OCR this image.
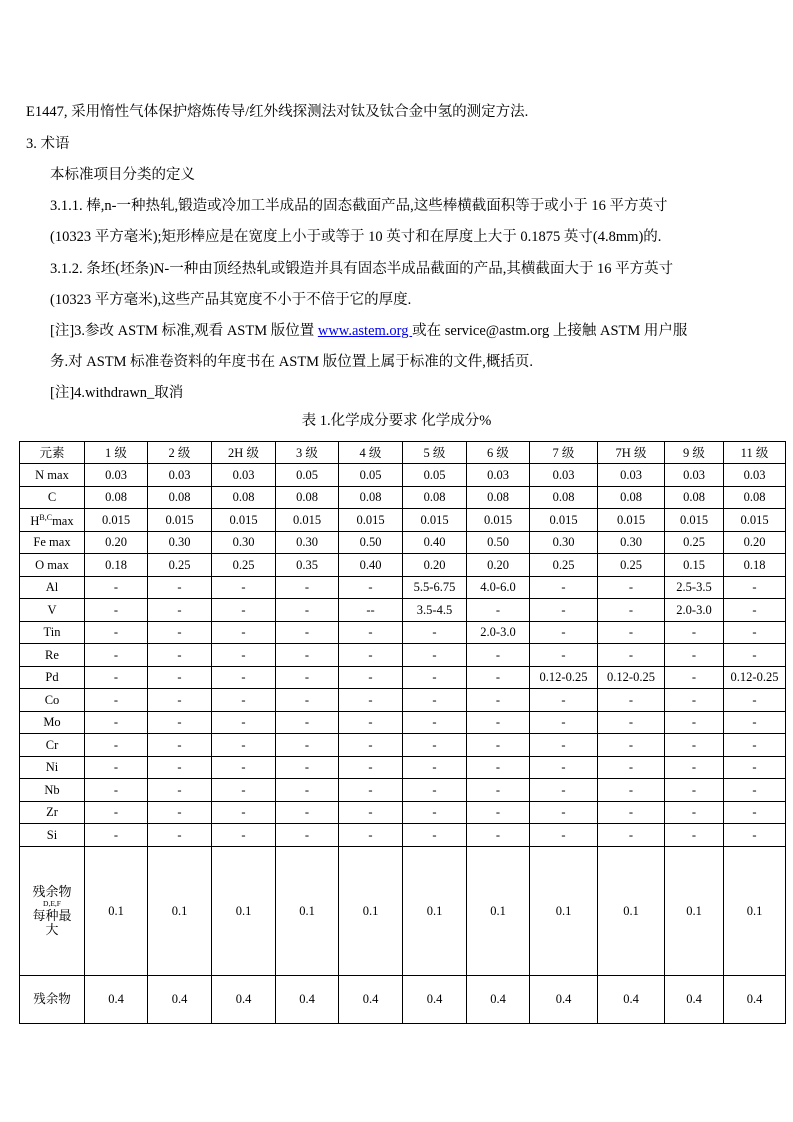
E1447, 采用惰性气体保护熔炼传导/红外线探测法对钛及钛合金中氢的测定方法.
3. 术语
本标准项目分类的定义
3.1.1. 棒,n-一种热轧,锻造或冷加工半成品的固态截面产品,这些棒横截面积等于或小于 16 平方英寸
(10323 平方毫米);矩形棒应是在宽度上小于或等于 10 英寸和在厚度上大于 0.1875 英寸(4.8mm)的.
3.1.2. 条坯(坯条)N-一种由顶经热轧或锻造并具有固态半成品截面的产品,其横截面大于 16 平方英寸
(10323 平方毫米),这些产品其宽度不小于不倍于它的厚度.
[注]3.参改 ASTM 标准,观看 ASTM 版位置 www.astem.org 或在 service@astm.org 上接触 ASTM 用户服
务.对 ASTM 标准卷资料的年度书在 ASTM 版位置上属于标准的文件,概括页.
[注]4.withdrawn_取消
表 1.化学成分要求 化学成分%
元素	1 级	2 级	2H 级	3 级	4 级	5 级	6 级	7 级	7H 级	9 级	11 级
N max	0.03	0.03	0.03	0.05	0.05	0.05	0.03	0.03	0.03	0.03	0.03
C	0.08	0.08	0.08	0.08	0.08	0.08	0.08	0.08	0.08	0.08	0.08
$H^{B,C}\max$	0.015	0.015	0.015	0.015	0.015	0.015	0.015	0.015	0.015	0.015	0.015
Fe max	0.20	0.30	0.30	0.30	0.50	0.40	0.50	0.30	0.30	0.25	0.20
O max	0.18	0.25	0.25	0.35	0.40	0.20	0.20	0.25	0.25	0.15	0.18
Al	-	-	-	-	-	5.5-6.75	4.0-6.0	-	-	2.5-3.5	-
V	-	-	-	-	--	3.5-4.5	-	-	-	2.0-3.0	-
Tin	-	-	-	-	-	-	2.0-3.0	-	-	-	-
Re	-	-	-	-	-	-	-	-	-	-	-
Pd	-	-	-	-	-	-	-	0.12-0.25	0.12-0.25	-	0.12-0.25
Co	-	-	-	-	-	-	-	-	-	-	-
Mo	-	-	-	-	-	-	-	-	-	-	-
Cr	-	-	-	-	-	-	-	-	-	-	-
Ni	-	-	-	-	-	-	-	-	-	-	-
Nb	-	-	-	-	-	-	-	-	-	-	-
Zr	-	-	-	-	-	-	-	-	-	-	-
Si	-	-	-	-	-	-	-	-	-	-	-

残余物
D,E,F
每种最
大	0.1	0.1	0.1	0.1	0.1	0.1	0.1	0.1	0.1	0.1	0.1
残余物	0.4	0.4	0.4	0.4	0.4	0.4	0.4	0.4	0.4	0.4	0.4
